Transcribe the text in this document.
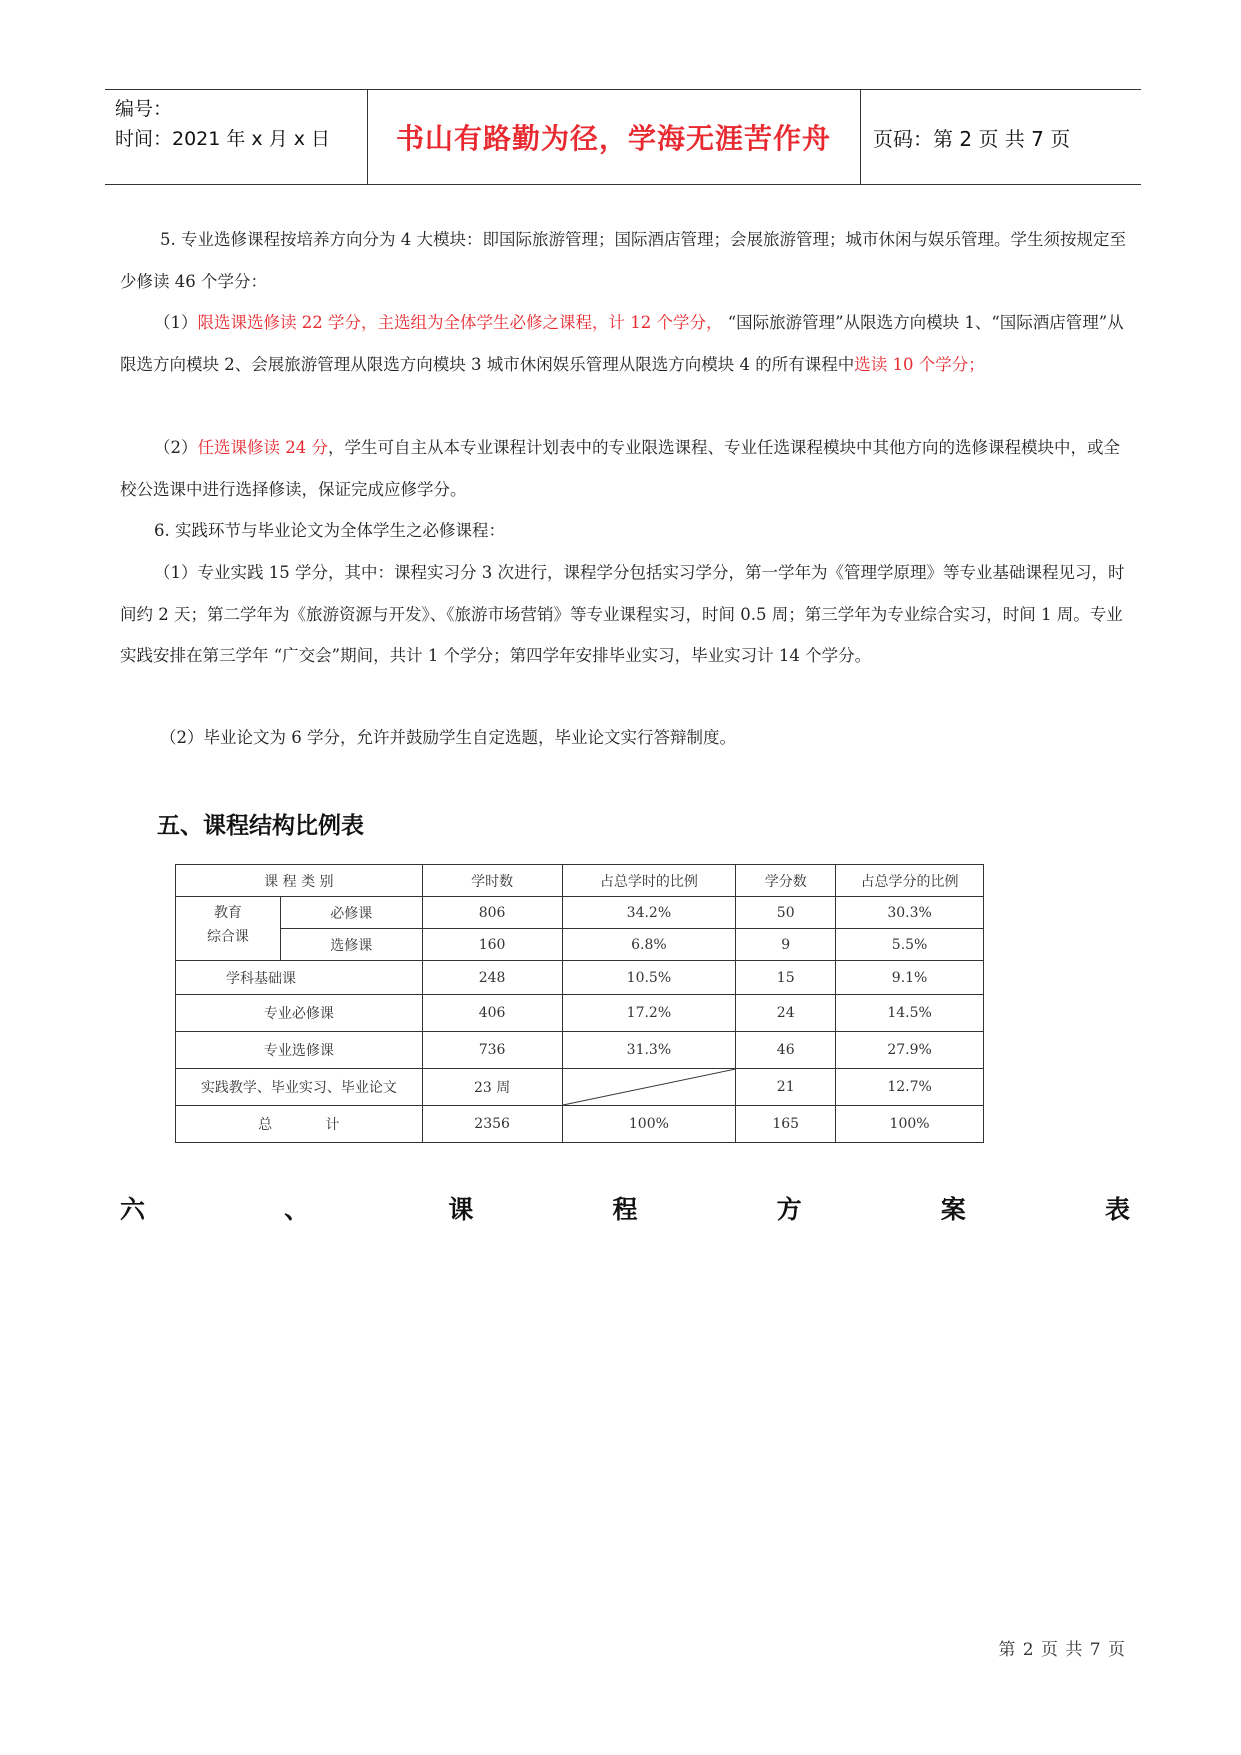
编号：
时间：2021 年 x 月 x 日	书山有路勤为径，学海无涯苦作舟	页码：第 2 页 共 7 页

5. 专业选修课程按培养方向分为 4 大模块：即国际旅游管理；国际酒店管理；会展旅游管理；城市休闲与娱乐管理。学生须按规定至少修读 46 个学分：

（1）限选课选修读 22 学分，主选组为全体学生必修之课程，计 12 个学分， “国际旅游管理”从限选方向模块 1、“国际酒店管理”从限选方向模块 2、会展旅游管理从限选方向模块 3 城市休闲娱乐管理从限选方向模块 4 的所有课程中选读 10 个学分；

（2）任选课修读 24 分，学生可自主从本专业课程计划表中的专业限选课程、专业任选课程模块中其他方向的选修课程模块中，或全校公选课中进行选择修读，保证完成应修学分。

6. 实践环节与毕业论文为全体学生之必修课程：

（1）专业实践 15 学分，其中：课程实习分 3 次进行，课程学分包括实习学分，第一学年为《管理学原理》等专业基础课程见习，时间约 2 天；第二学年为《旅游资源与开发》、《旅游市场营销》等专业课程实习，时间 0.5 周；第三学年为专业综合实习，时间 1 周。专业实践安排在第三学年 “广交会”期间，共计 1 个学分；第四学年安排毕业实习，毕业实习计 14 个学分。

（2）毕业论文为 6 学分，允许并鼓励学生自定选题，毕业论文实行答辩制度。

五、课程结构比例表
课 程 类 别		学时数	占总学时的比例	学分数	占总学分的比例

教育
综合课	必修课	806	34.2%	50	30.3%
	选修课	160	6.8%	9	5.5%
学科基础课		248	10.5%	15	9.1%
专业必修课		406	17.2%	24	14.5%
专业选修课		736	31.3%	46	27.9%
实践教学、毕业实习、毕业论文		23 周		21	12.7%
总            计		2356	100%	165	100%
六	、	课	程	方	案	表
第 2 页 共 7 页
